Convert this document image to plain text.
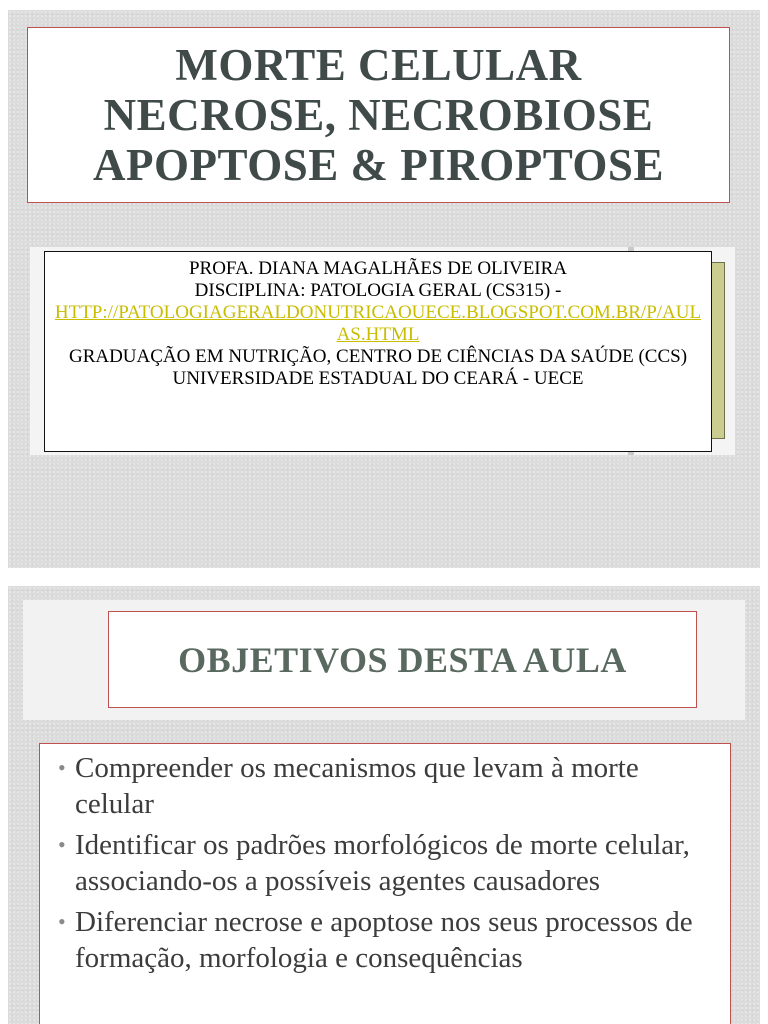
MORTE CELULAR
NECROSE, NECROBIOSE
APOPTOSE & PIROPTOSE
PROFA. DIANA MAGALHÃES DE OLIVEIRA
DISCIPLINA: PATOLOGIA GERAL (CS315) -
HTTP://PATOLOGIAGERALDONUTRICAOUECE.BLOGSPOT.COM.BR/P/AULAS.HTML
GRADUAÇÃO EM NUTRIÇÃO, CENTRO DE CIÊNCIAS DA SAÚDE (CCS)
UNIVERSIDADE ESTADUAL DO CEARÁ - UECE
OBJETIVOS DESTA AULA
• Compreender os mecanismos que levam à morte celular
• Identificar os padrões morfológicos de morte celular, associando-os a possíveis agentes causadores
• Diferenciar necrose e apoptose nos seus processos de formação, morfologia e consequências
